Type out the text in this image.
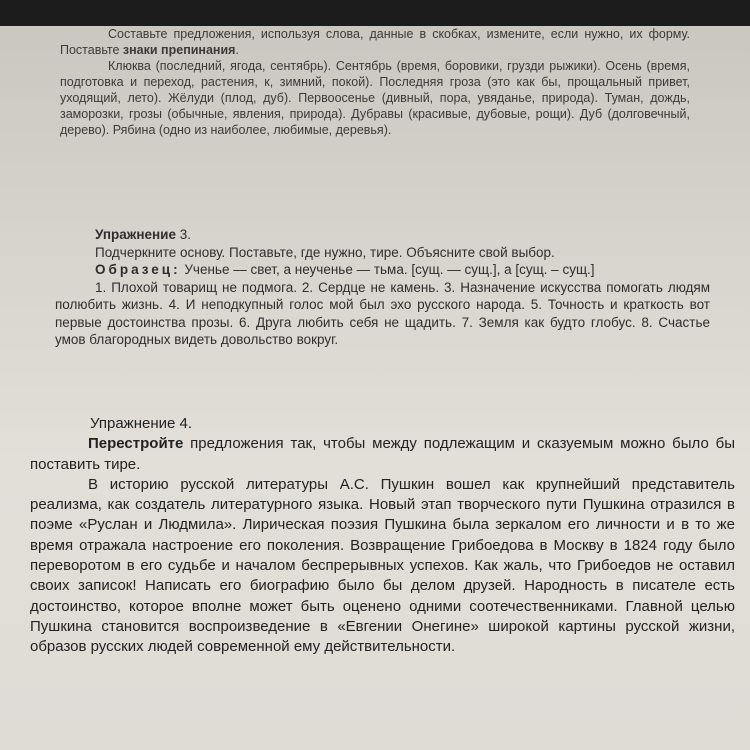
Составьте предложения, используя слова, данные в скобках, измените, если нужно, их форму. Поставьте знаки препинания.

Клюква (последний, ягода, сентябрь). Сентябрь (время, боровики, грузди рыжики). Осень (время, подготовка и переход, растения, к, зимний, покой). Последняя гроза (это как бы, прощальный привет, уходящий, лето). Жёлуди (плод, дуб). Первоосенье (дивный, пора, увяданье, природа). Туман, дождь, заморозки, грозы (обычные, явления, природа). Дубравы (красивые, дубовые, рощи). Дуб (долговечный, дерево). Рябина (одно из наиболее, любимые, деревья).

Упражнение 3.

Подчеркните основу. Поставьте, где нужно, тире. Объясните свой выбор.

Образец: Ученье — свет, а неученье — тьма. [сущ. — сущ.], а [сущ. – сущ.]

1. Плохой товарищ не подмога. 2. Сердце не камень. 3. Назначение искусства помогать людям полюбить жизнь. 4. И неподкупный голос мой был эхо русского народа. 5. Точность и краткость вот первые достоинства прозы. 6. Друга любить себя не щадить. 7. Земля как будто глобус. 8. Счастье умов благородных видеть довольство вокруг.

Упражнение 4.

Перестройте предложения так, чтобы между подлежащим и сказуемым можно было бы поставить тире.

В историю русской литературы А.С. Пушкин вошел как крупнейший представитель реализма, как создатель литературного языка. Новый этап творческого пути Пушкина отразился в поэме «Руслан и Людмила». Лирическая поэзия Пушкина была зеркалом его личности и в то же время отражала настроение его поколения. Возвращение Грибоедова в Москву в 1824 году было переворотом в его судьбе и началом беспрерывных успехов. Как жаль, что Грибоедов не оставил своих записок! Написать его биографию было бы делом друзей. Народность в писателе есть достоинство, которое вполне может быть оценено одними соотечественниками. Главной целью Пушкина становится воспроизведение в «Евгении Онегине» широкой картины русской жизни, образов русских людей современной ему действительности.
